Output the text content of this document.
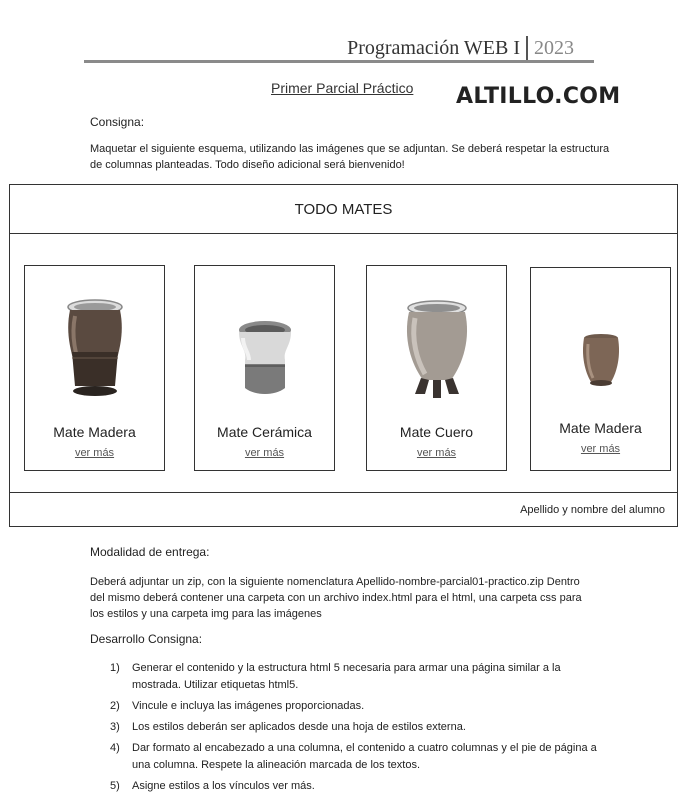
Programación WEB I 2023
Primer Parcial Práctico ALTILLO.COM
Consigna:
Maquetar el siguiente esquema, utilizando las imágenes que se adjuntan. Se deberá respetar la estructura de columnas planteadas. Todo diseño adicional será bienvenido!
TODO MATES
Mate Madera
ver más
Mate Cerámica
ver más
Mate Cuero
ver más
Mate Madera
ver más
Apellido y nombre del alumno
Modalidad de entrega:
Deberá adjuntar un zip, con la siguiente nomenclatura Apellido-nombre-parcial01-practico.zip Dentro del mismo deberá contener una carpeta con un archivo index.html para el html, una carpeta css para los estilos y una carpeta img para las imágenes
Desarrollo Consigna:
1)	Generar el contenido y la estructura html 5 necesaria para armar una página similar a la mostrada. Utilizar etiquetas html5.
2)	Vincule e incluya las imágenes proporcionadas.
3)	Los estilos deberán ser aplicados desde una hoja de estilos externa.
4)	Dar formato al encabezado a una columna, el contenido a cuatro columnas y el pie de página a una columna. Respete la alineación marcada de los textos.
5)	Asigne estilos a los vínculos ver más.
